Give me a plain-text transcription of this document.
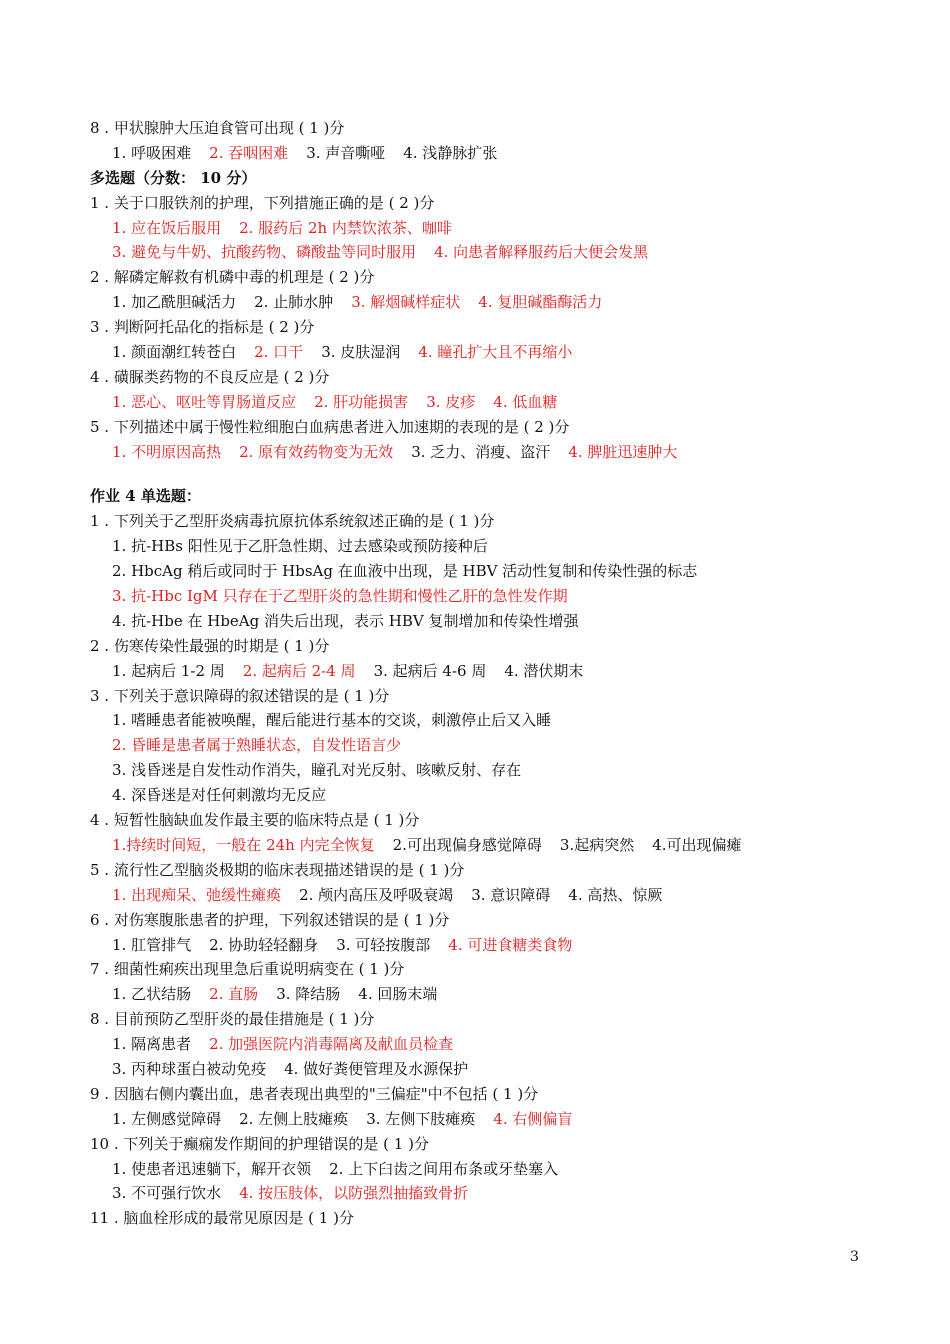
8 . 甲状腺肿大压迫食管可出现 ( 1 )分
1. 呼吸困难 2. 吞咽困难 3. 声音嘶哑 4. 浅静脉扩张
多选题（分数： 10 分）
1 . 关于口服铁剂的护理，下列措施正确的是 ( 2 )分
1. 应在饭后服用 2. 服药后 2h 内禁饮浓茶、咖啡
3. 避免与牛奶、抗酸药物、磷酸盐等同时服用 4. 向患者解释服药后大便会发黑
2 . 解磷定解救有机磷中毒的机理是 ( 2 )分
1. 加乙酰胆碱活力 2. 止肺水肿 3. 解烟碱样症状 4. 复胆碱酯酶活力
3 . 判断阿托品化的指标是 ( 2 )分
1. 颜面潮红转苍白 2. 口干 3. 皮肤湿润 4. 瞳孔扩大且不再缩小
4 . 磺脲类药物的不良反应是 ( 2 )分
1. 恶心、呕吐等胃肠道反应 2. 肝功能损害 3. 皮疹 4. 低血糖
5 . 下列描述中属于慢性粒细胞白血病患者进入加速期的表现的是 ( 2 )分
1. 不明原因高热 2. 原有效药物变为无效 3. 乏力、消瘦、盗汗 4. 脾脏迅速肿大
作业 4 单选题：
1 . 下列关于乙型肝炎病毒抗原抗体系统叙述正确的是 ( 1 )分
1. 抗-HBs 阳性见于乙肝急性期、过去感染或预防接种后
2. HbcAg 稍后或同时于 HbsAg 在血液中出现，是 HBV 活动性复制和传染性强的标志
3. 抗-Hbc IgM 只存在于乙型肝炎的急性期和慢性乙肝的急性发作期
4. 抗-Hbe 在 HbeAg 消失后出现，表示 HBV 复制增加和传染性增强
2 . 伤寒传染性最强的时期是 ( 1 )分
1. 起病后 1-2 周 2. 起病后 2-4 周 3. 起病后 4-6 周 4. 潜伏期末
3 . 下列关于意识障碍的叙述错误的是 ( 1 )分
1. 嗜睡患者能被唤醒，醒后能进行基本的交谈，刺激停止后又入睡
2. 昏睡是患者属于熟睡状态，自发性语言少
3. 浅昏迷是自发性动作消失，瞳孔对光反射、咳嗽反射、存在
4. 深昏迷是对任何刺激均无反应
4 . 短暂性脑缺血发作最主要的临床特点是 ( 1 )分
1.持续时间短，一般在 24h 内完全恢复 2.可出现偏身感觉障碍 3.起病突然 4.可出现偏瘫
5 . 流行性乙型脑炎极期的临床表现描述错误的是 ( 1 )分
1. 出现痴呆、弛缓性瘫痪 2. 颅内高压及呼吸衰竭 3. 意识障碍 4. 高热、惊厥
6 . 对伤寒腹胀患者的护理，下列叙述错误的是 ( 1 )分
1. 肛管排气 2. 协助轻轻翻身 3. 可轻按腹部 4. 可进食糖类食物
7 . 细菌性痢疾出现里急后重说明病变在 ( 1 )分
1. 乙状结肠 2. 直肠 3. 降结肠 4. 回肠末端
8 . 目前预防乙型肝炎的最佳措施是 ( 1 )分
1. 隔离患者 2. 加强医院内消毒隔离及献血员检查
3. 丙种球蛋白被动免疫 4. 做好粪便管理及水源保护
9 . 因脑右侧内囊出血，患者表现出典型的"三偏症"中不包括 ( 1 )分
1. 左侧感觉障碍 2. 左侧上肢瘫痪 3. 左侧下肢瘫痪 4. 右侧偏盲
10 . 下列关于癫痫发作期间的护理错误的是 ( 1 )分
1. 使患者迅速躺下，解开衣领 2. 上下臼齿之间用布条或牙垫塞入
3. 不可强行饮水 4. 按压肢体，以防强烈抽搐致骨折
11 . 脑血栓形成的最常见原因是 ( 1 )分
3
